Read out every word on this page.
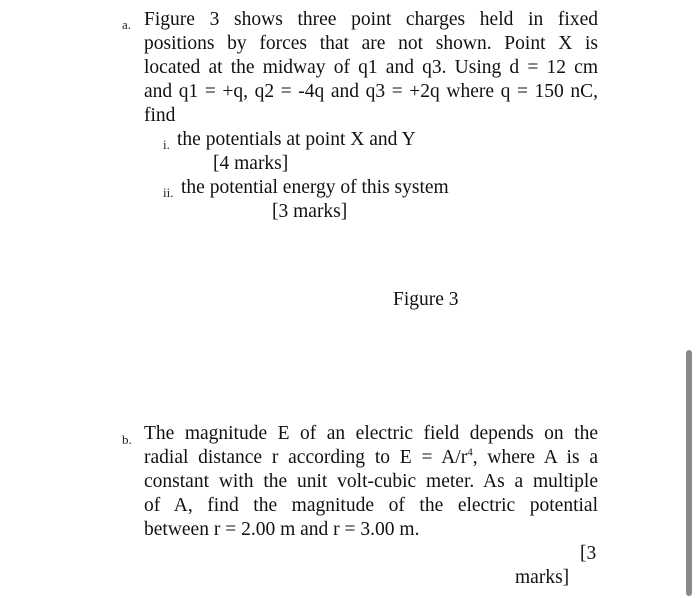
a. Figure 3 shows three point charges held in fixed
positions by forces that are not shown. Point X is
located at the midway of q1 and q3. Using d = 12 cm
and q1 = +q, q2 = -4q and q3 = +2q where q = 150 nC,
find
i. the potentials at point X and Y
[4 marks]
ii. the potential energy of this system
[3 marks]
Figure 3
b. The magnitude E of an electric field depends on the
radial distance r according to $E = A/r^4$, where A is a
constant with the unit volt-cubic meter. As a multiple
of A, find the magnitude of the electric potential
between r = 2.00 m and r = 3.00 m.
[3
marks]
